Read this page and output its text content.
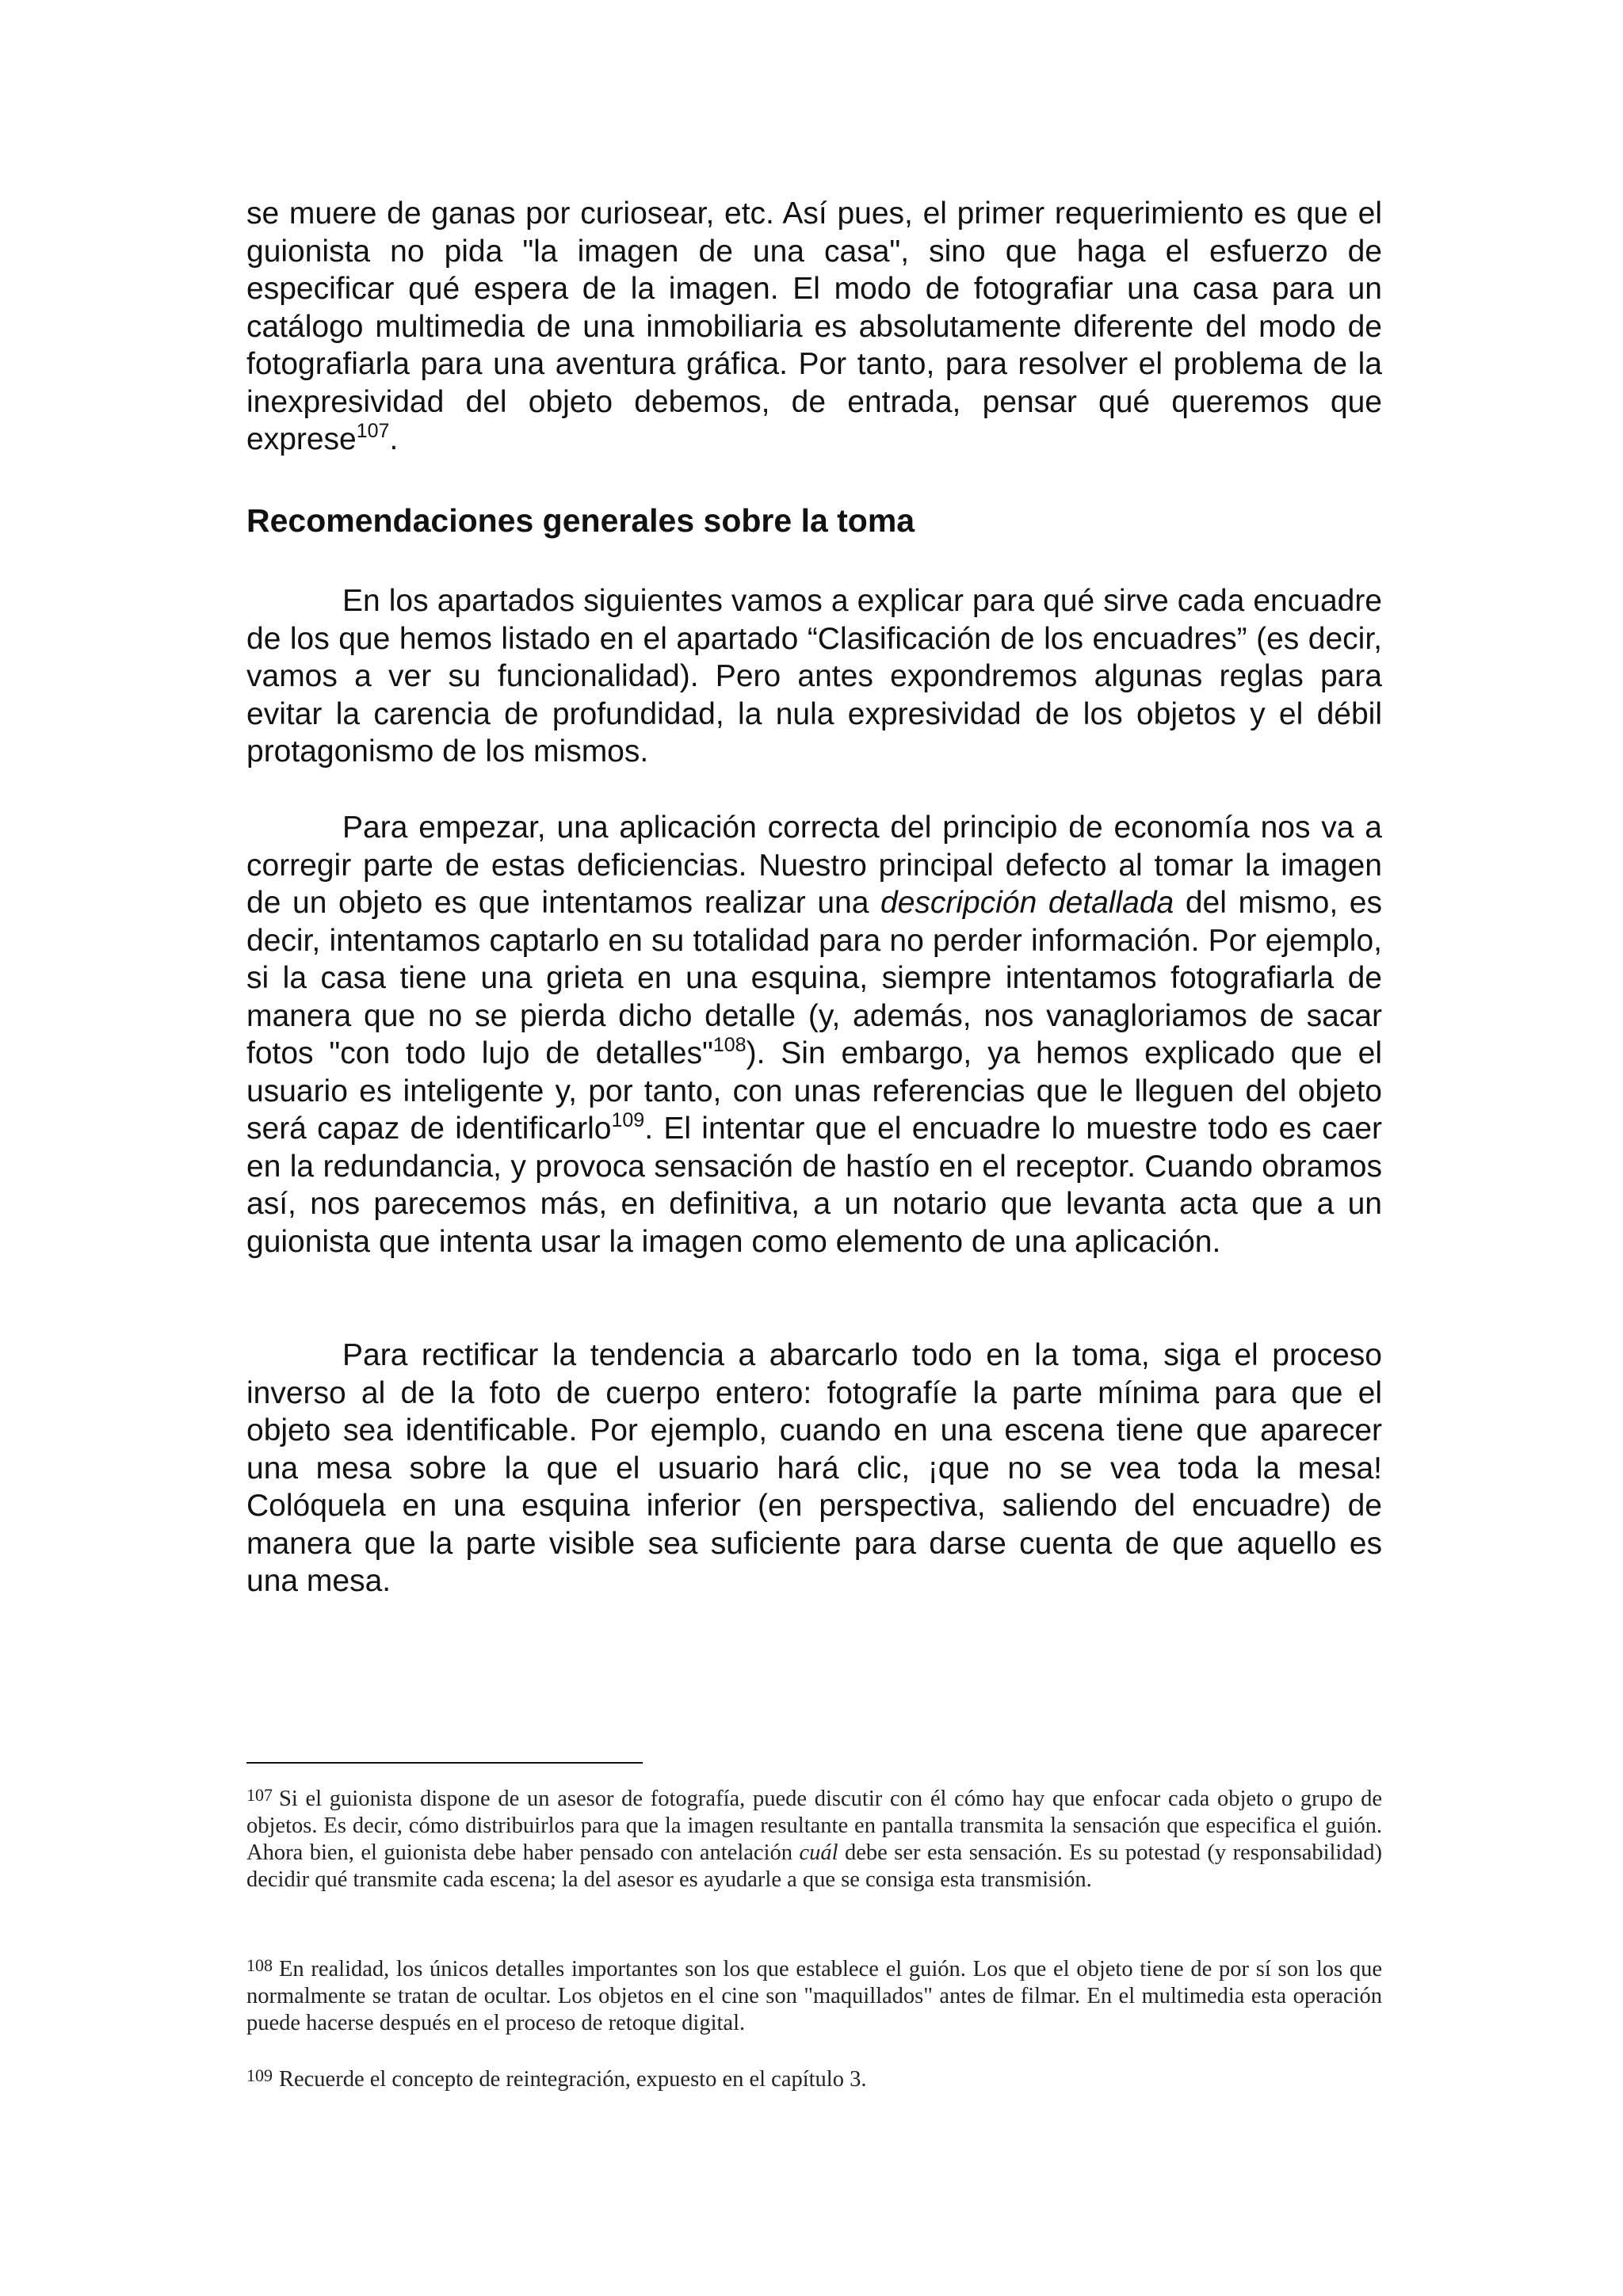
se muere de ganas por curiosear, etc. Así pues, el primer requerimiento es que el guionista no pida "la imagen de una casa", sino que haga el esfuerzo de especificar qué espera de la imagen. El modo de fotografiar una casa para un catálogo multimedia de una inmobiliaria es absolutamente diferente del modo de fotografiarla para una aventura gráfica. Por tanto, para resolver el problema de la inexpresividad del objeto debemos, de entrada, pensar qué queremos que exprese$^{107}$.

Recomendaciones generales sobre la toma

En los apartados siguientes vamos a explicar para qué sirve cada encuadre de los que hemos listado en el apartado “Clasificación de los encuadres” (es decir, vamos a ver su funcionalidad). Pero antes expondremos algunas reglas para evitar la carencia de profundidad, la nula expresividad de los objetos y el débil protagonismo de los mismos.

Para empezar, una aplicación correcta del principio de economía nos va a corregir parte de estas deficiencias. Nuestro principal defecto al tomar la imagen de un objeto es que intentamos realizar una descripción detallada del mismo, es decir, intentamos captarlo en su totalidad para no perder información. Por ejemplo, si la casa tiene una grieta en una esquina, siempre intentamos fotografiarla de manera que no se pierda dicho detalle (y, además, nos vanagloriamos de sacar fotos "con todo lujo de detalles"$^{108}$). Sin embargo, ya hemos explicado que el usuario es inteligente y, por tanto, con unas referencias que le lleguen del objeto será capaz de identificarlo$^{109}$. El intentar que el encuadre lo muestre todo es caer en la redundancia, y provoca sensación de hastío en el receptor. Cuando obramos así, nos parecemos más, en definitiva, a un notario que levanta acta que a un guionista que intenta usar la imagen como elemento de una aplicación.

Para rectificar la tendencia a abarcarlo todo en la toma, siga el proceso inverso al de la foto de cuerpo entero: fotografíe la parte mínima para que el objeto sea identificable. Por ejemplo, cuando en una escena tiene que aparecer una mesa sobre la que el usuario hará clic, ¡que no se vea toda la mesa! Colóquela en una esquina inferior (en perspectiva, saliendo del encuadre) de manera que la parte visible sea suficiente para darse cuenta de que aquello es una mesa.

$^{107}$ Si el guionista dispone de un asesor de fotografía, puede discutir con él cómo hay que enfocar cada objeto o grupo de objetos. Es decir, cómo distribuirlos para que la imagen resultante en pantalla transmita la sensación que especifica el guión. Ahora bien, el guionista debe haber pensado con antelación cuál debe ser esta sensación. Es su potestad (y responsabilidad) decidir qué transmite cada escena; la del asesor es ayudarle a que se consiga esta transmisión.

$^{108}$ En realidad, los únicos detalles importantes son los que establece el guión. Los que el objeto tiene de por sí son los que normalmente se tratan de ocultar. Los objetos en el cine son "maquillados" antes de filmar. En el multimedia esta operación puede hacerse después en el proceso de retoque digital.

$^{109}$ Recuerde el concepto de reintegración, expuesto en el capítulo 3.
